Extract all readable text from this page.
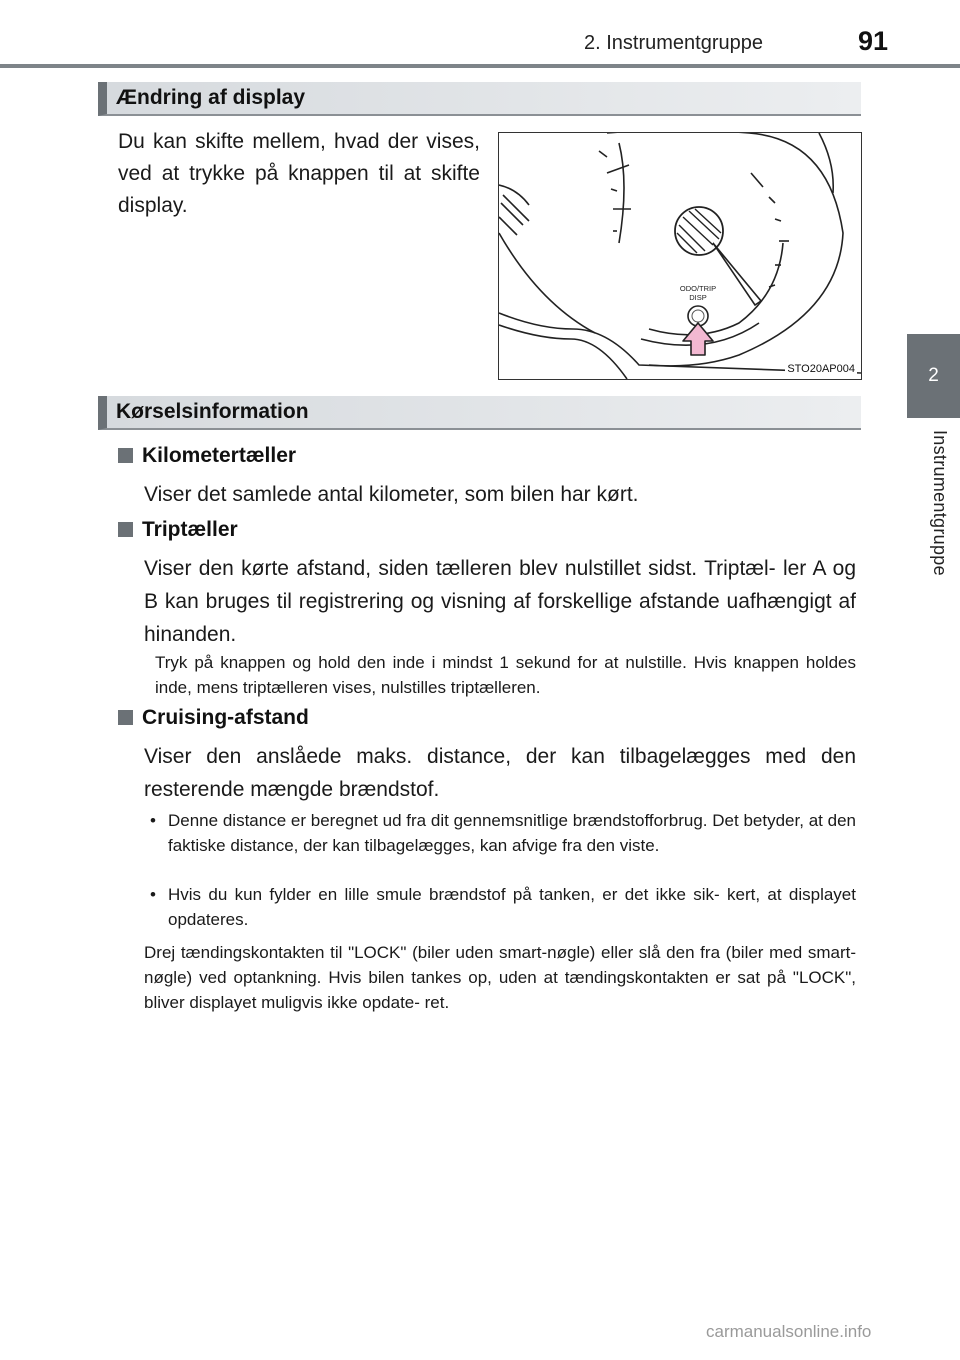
2. Instrumentgruppe	91
2
Instrumentgruppe
Ændring af display
Du kan skifte mellem, hvad der vises, ved at trykke på knappen til at skifte display.
ODO/TRIP
DISP
STO20AP004
Kørselsinformation
Kilometertæller
Viser det samlede antal kilometer, som bilen har kørt.
Triptæller
Viser den kørte afstand, siden tælleren blev nulstillet sidst. Triptæl- ler A og B kan bruges til registrering og visning af forskellige afstande uafhængigt af hinanden.
Tryk på knappen og hold den inde i mindst 1 sekund for at nulstille. Hvis knappen holdes inde, mens triptælleren vises, nulstilles triptælleren.
Cruising-afstand
Viser den anslåede maks. distance, der kan tilbagelægges med den resterende mængde brændstof.
• Denne distance er beregnet ud fra dit gennemsnitlige brændstofforbrug. Det betyder, at den faktiske distance, der kan tilbagelægges, kan afvige fra den viste.
• Hvis du kun fylder en lille smule brændstof på tanken, er det ikke sik- kert, at displayet opdateres.
Drej tændingskontakten til "LOCK" (biler uden smart-nøgle) eller slå den fra (biler med smart-nøgle) ved optankning. Hvis bilen tankes op, uden at tændingskontakten er sat på "LOCK", bliver displayet muligvis ikke opdate- ret.
carmanualsonline.info
